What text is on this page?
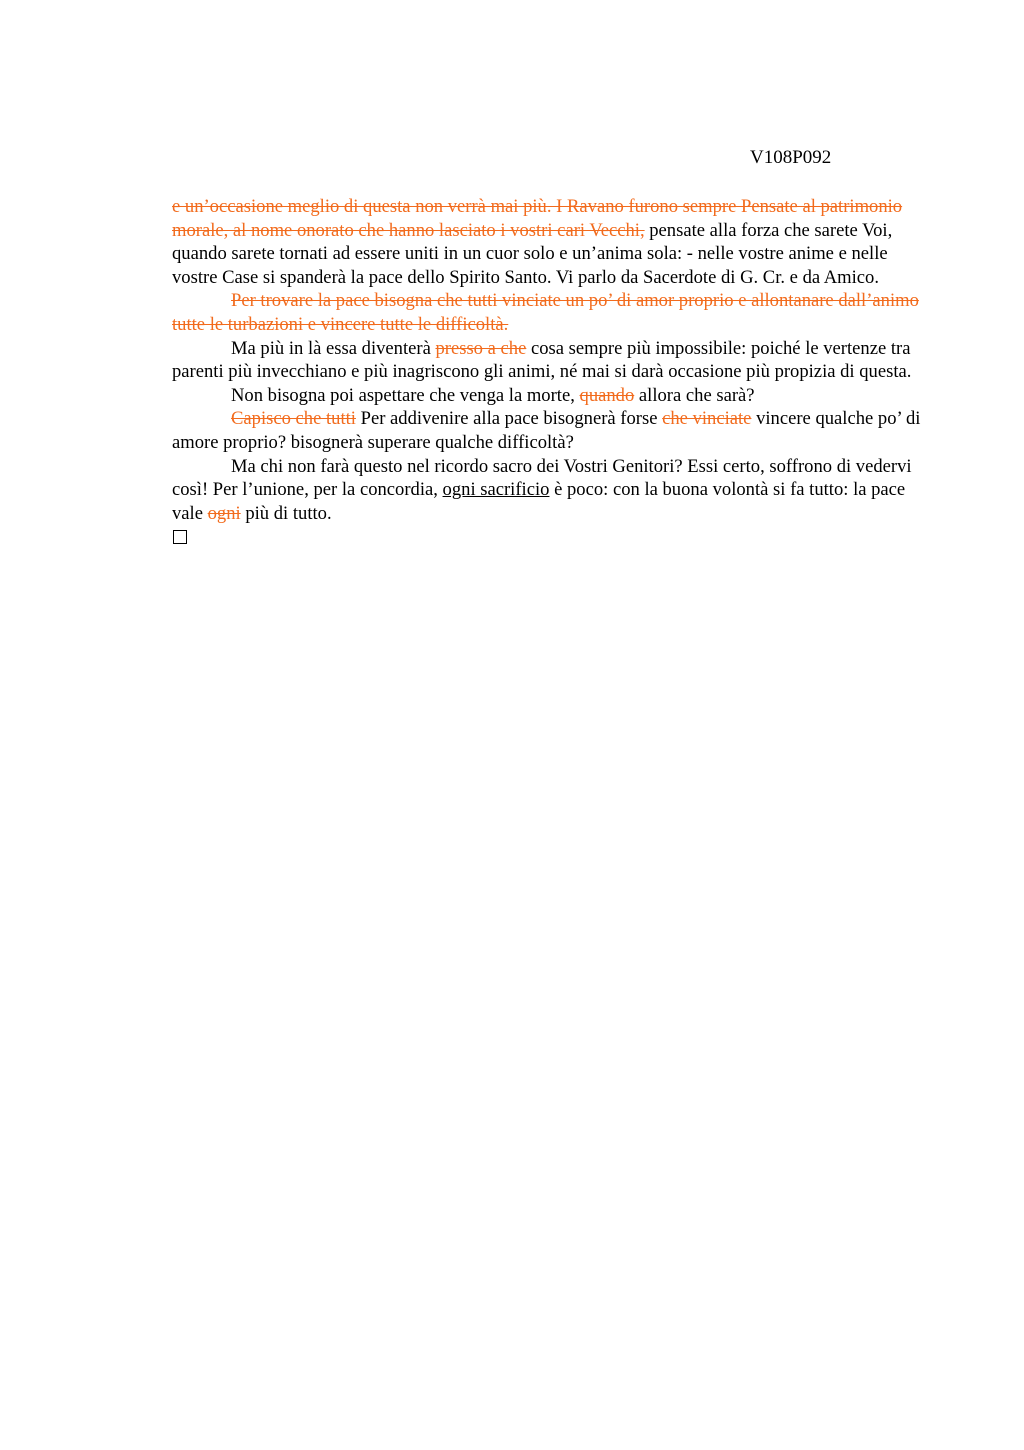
V108P092

e un’occasione meglio di questa non verrà mai più. I Ravano furono sempre Pensate al patrimonio morale, al nome onorato che hanno lasciato i vostri cari Vecchi, pensate alla forza che sarete Voi, quando sarete tornati ad essere uniti in un cuor solo e un’anima sola: - nelle vostre anime e nelle vostre Case si spanderà la pace dello Spirito Santo. Vi parlo da Sacerdote di G. Cr. e da Amico.

Per trovare la pace bisogna che tutti vinciate un po’ di amor proprio e allontanare dall’animo tutte le turbazioni e vincere tutte le difficoltà.

Ma più in là essa diventerà presso a che cosa sempre più impossibile: poiché le vertenze tra parenti più invecchiano e più inagriscono gli animi, né mai si darà occasione più propizia di questa.

Non bisogna poi aspettare che venga la morte, quando allora che sarà?

Capisco che tutti Per addivenire alla pace bisognerà forse che vinciate vincere qualche po’ di amore proprio? bisognerà superare qualche difficoltà?

Ma chi non farà questo nel ricordo sacro dei Vostri Genitori? Essi certo, soffrono di vedervi così! Per l’unione, per la concordia, ogni sacrificio è poco: con la buona volontà si fa tutto: la pace vale ogni più di tutto.
